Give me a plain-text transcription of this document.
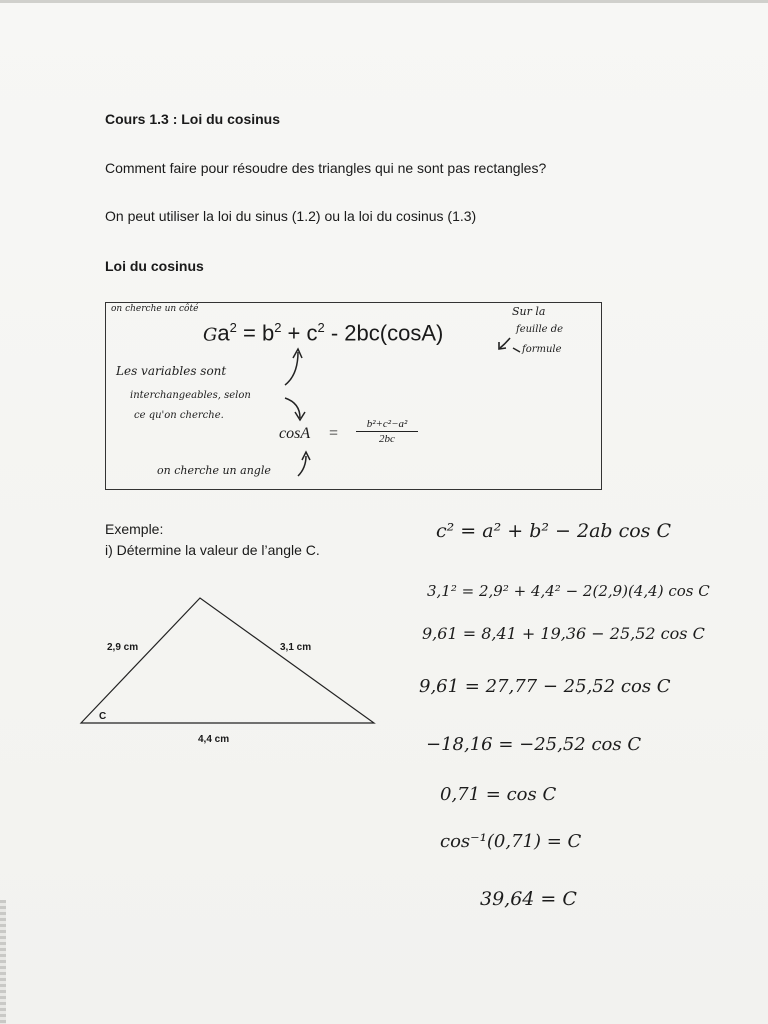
Cours 1.3 : Loi du cosinus
Comment faire pour résoudre des triangles qui ne sont pas rectangles?
On peut utiliser la loi du sinus (1.2) ou la loi du cosinus (1.3)
Loi du cosinus
on cherche un côté
$Ga^2 = b^2 + c^2 - 2bc(\cos A)$
Sur la
feuille de
formule
Les variables sont
interchangeables, selon
ce qu'on cherche.
$\cos A = \frac{\text{b²+c²−a²}}{2bc}$
on cherche un angle
Exemple:
i) Détermine la valeur de l’angle C.
2,9 cm	3,1 cm
4,4 cm
C
c² = a² + b² − 2ab cos C
3,1² = 2,9² + 4,4² − 2(2,9)(4,4) cos C
9,61 = 8,41 + 19,36 − 25,52 cos C
9,61 = 27,77 − 25,52 cos C
−18,16 = −25,52 cos C
0,71 = cos C
cos⁻¹(0,71) = C
39,64 = C
